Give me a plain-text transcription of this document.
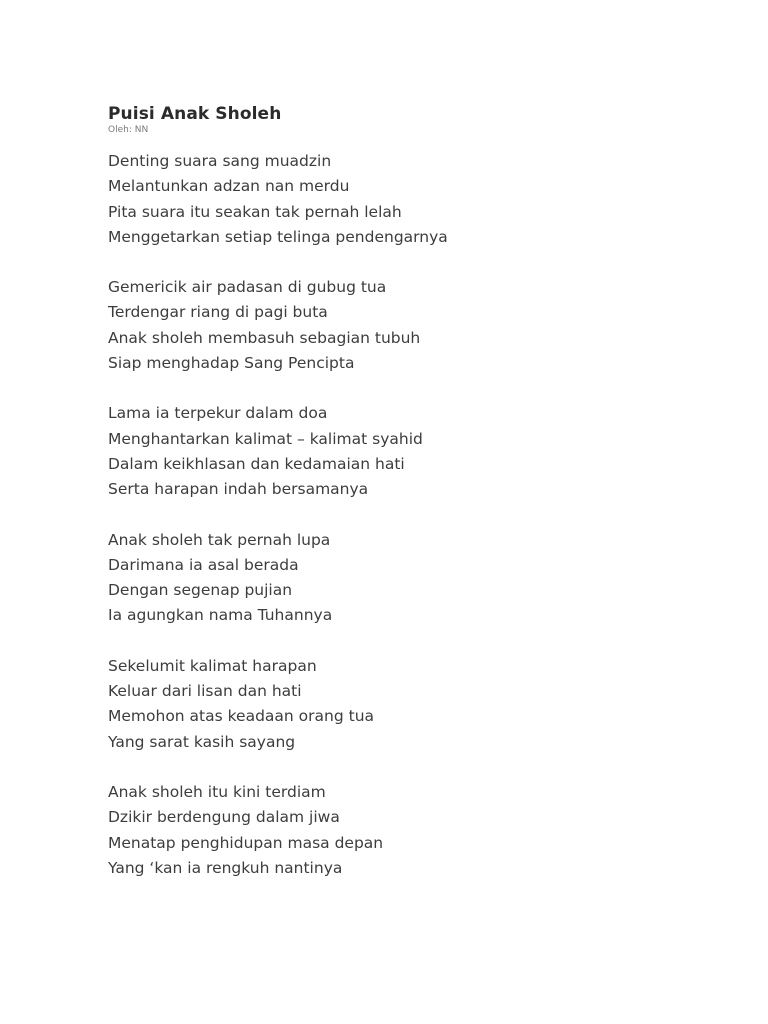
Puisi Anak Sholeh
Oleh: NN
Denting suara sang muadzin
Melantunkan adzan nan merdu
Pita suara itu seakan tak pernah lelah
Menggetarkan setiap telinga pendengarnya
Gemericik air padasan di gubug tua
Terdengar riang di pagi buta
Anak sholeh membasuh sebagian tubuh
Siap menghadap Sang Pencipta
Lama ia terpekur dalam doa
Menghantarkan kalimat – kalimat syahid
Dalam keikhlasan dan kedamaian hati
Serta harapan indah bersamanya
Anak sholeh tak pernah lupa
Darimana ia asal berada
Dengan segenap pujian
Ia agungkan nama Tuhannya
Sekelumit kalimat harapan
Keluar dari lisan dan hati
Memohon atas keadaan orang tua
Yang sarat kasih sayang
Anak sholeh itu kini terdiam
Dzikir berdengung dalam jiwa
Menatap penghidupan masa depan
Yang ‘kan ia rengkuh nantinya
